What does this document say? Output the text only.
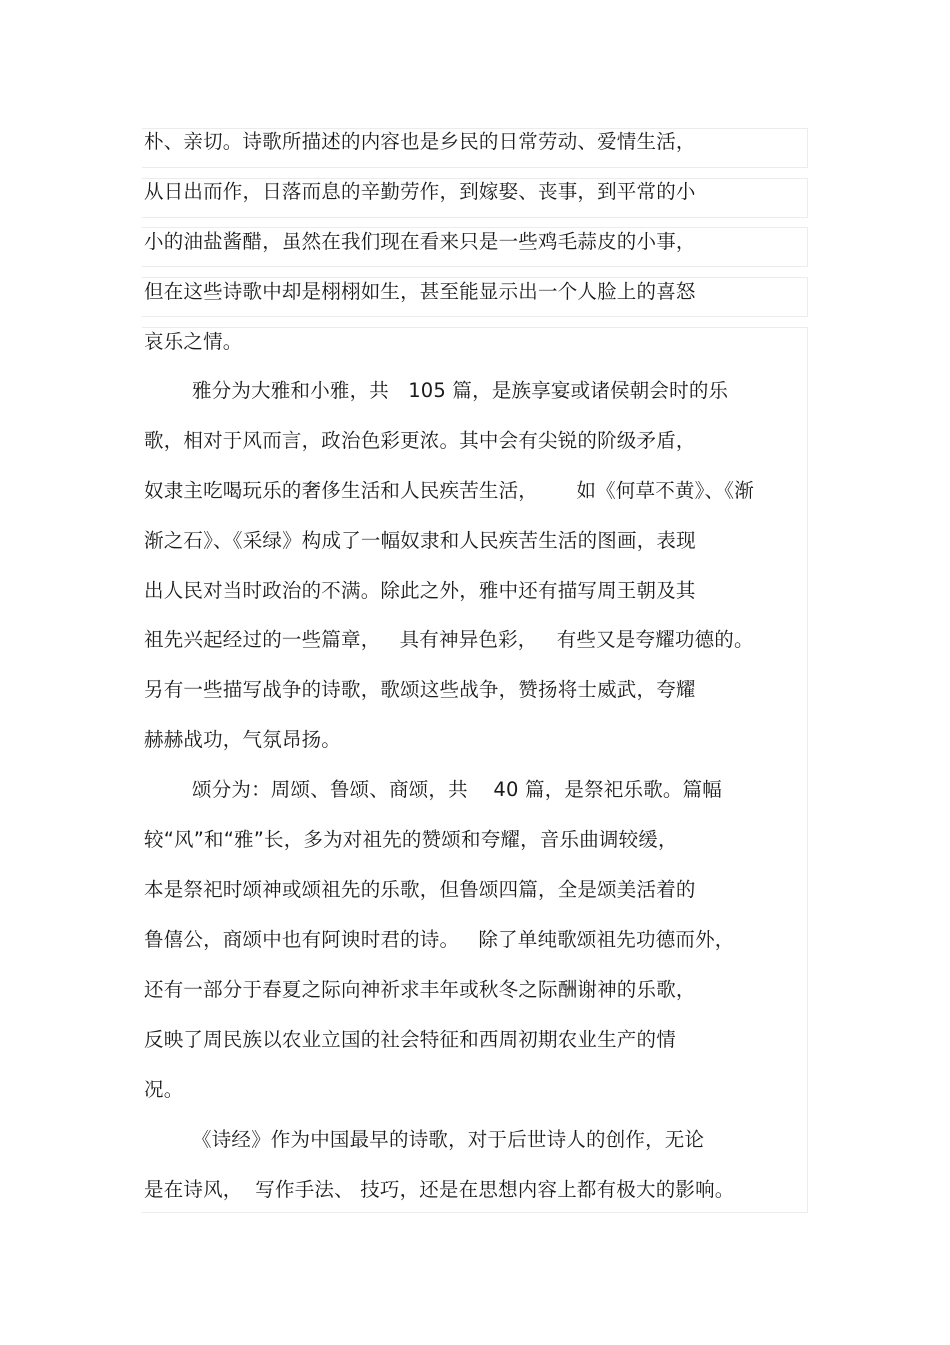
朴、亲切。诗歌所描述的内容也是乡民的日常劳动、爱情生活，
从日出而作，日落而息的辛勤劳作，到嫁娶、丧事，到平常的小
小的油盐酱醋，虽然在我们现在看来只是一些鸡毛蒜皮的小事，
但在这些诗歌中却是栩栩如生，甚至能显示出一个人脸上的喜怒
哀乐之情。
雅分为大雅和小雅，共   105 篇，是族享宴或诸侯朝会时的乐
歌，相对于风而言，政治色彩更浓。其中会有尖锐的阶级矛盾，
奴隶主吃喝玩乐的奢侈生活和人民疾苦生活，      如《何草不黄》、《渐
渐之石》、《采绿》构成了一幅奴隶和人民疾苦生活的图画，表现
出人民对当时政治的不满。除此之外，雅中还有描写周王朝及其
祖先兴起经过的一些篇章，   具有神异色彩，   有些又是夸耀功德的。
另有一些描写战争的诗歌，歌颂这些战争，赞扬将士威武，夸耀
赫赫战功，气氛昂扬。
颂分为：周颂、鲁颂、商颂，共    40 篇，是祭祀乐歌。篇幅
较“风”和“雅”长，多为对祖先的赞颂和夸耀，音乐曲调较缓，
本是祭祀时颂神或颂祖先的乐歌，但鲁颂四篇，全是颂美活着的
鲁僖公，商颂中也有阿谀时君的诗。   除了单纯歌颂祖先功德而外，
还有一部分于春夏之际向神祈求丰年或秋冬之际酬谢神的乐歌，
反映了周民族以农业立国的社会特征和西周初期农业生产的情
况。
《诗经》作为中国最早的诗歌，对于后世诗人的创作，无论
是在诗风，  写作手法、 技巧，还是在思想内容上都有极大的影响。
